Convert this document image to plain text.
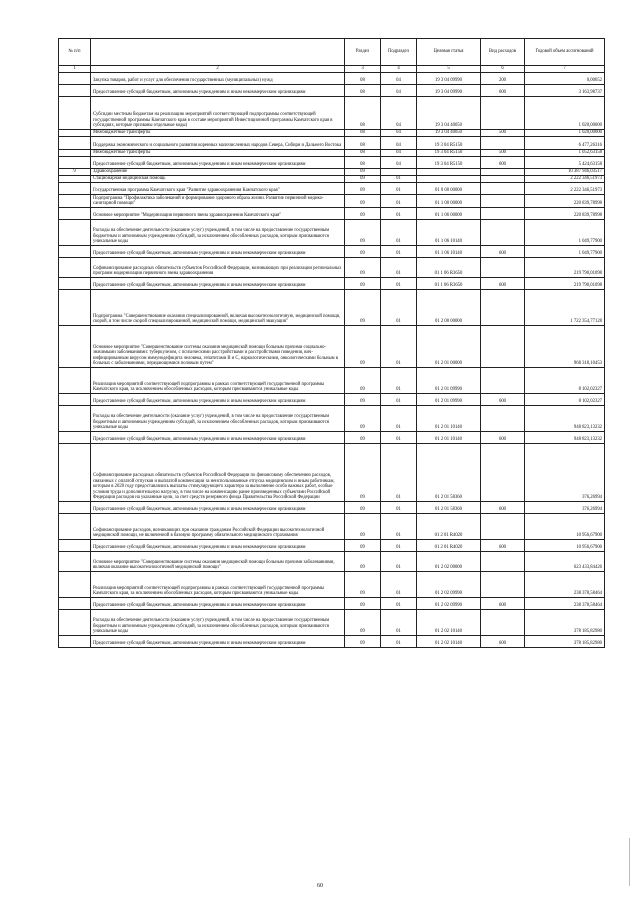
№ п/п		Раздел	Подраздел	Целевая статья	Вид расходов	Годовой объем ассигнований
1	2	3	4	5	6	7
	Закупка товаров, работ и услуг для обеспечения государственных (муниципальных) нужд	08	04	19 3 04 09990	200	0,00052
	Предоставление субсидий бюджетным, автономным учреждениям и иным некоммерческим организациям	08	04	19 3 04 09990	600	3 163,98737
	Субсидии местным бюджетам на реализацию мероприятий соответствующей подпрограммы соответствующей государственной программы Камчатского края в составе мероприятий Инвестиционной программы Камчатского края в субсидиях, которые призваны отдельные коды)	08	04	19 3 04 40050		1 020,00000
	Межбюджетные трансферты	08	04	19 3 04 40050	500	1 020,00000
	Поддержка экономического и социального развития коренных малочисленных народов Севера, Сибири и Дальнего Востока	08	04	19 3 04 R5150		6 477,26316
	Межбюджетные трансферты	08	04	19 3 04 R5150	500	1 052,63158
	Предоставление субсидий бюджетным, автономным учреждениям и иным некоммерческим организациям	08	04	19 3 04 R5150	600	5 424,63158
9	Здравоохранение	09				10 387 946,03517
	Стационарная медицинская помощь	09	01			2 222 346,51973
	Государственная программа Камчатского края "Развитие здравоохранения Камчатского края"	09	01	01 0 00 00000		2 222 346,51973
	Подпрограмма "Профилактика заболеваний и формирование здорового образа жизни. Развитие первичной медико-санитарной помощи"	09	01	01 1 00 00000		220 839,78998
	Основное мероприятие "Модернизация первичного звена здравоохранения Камчатского края"	09	01	01 1 06 00000		220 839,78998
	Расходы на обеспечение деятельности (оказание услуг) учреждений, в том числе на предоставление государственным бюджетным и автономным учреждениям субсидий, за исключением обособленных расходов, которым присваиваются уникальные коды	09	01	01 1 06 10140		1 049,77900
	Предоставление субсидий бюджетным, автономным учреждениям и иным некоммерческим организациям	09	01	01 1 06 10140	600	1 049,77900
	Софинансирование расходных обязательств субъектов Российской Федерации, возникающих при реализации региональных программ модернизации первичного звена здравоохранения	09	01	01 1 06 R3650		219 790,01098
	Предоставление субсидий бюджетным, автономным учреждениям и иным некоммерческим организациям	09	01	01 1 06 R3650	600	219 790,01098
	Подпрограмма "Совершенствование оказания специализированной, включая высокотехнологичную, медицинской помощи, скорой, в том числе скорой специализированной, медицинской помощи, медицинской эвакуации"	09	01	01 2 00 00000		1 722 354,77128
	Основное мероприятие "Совершенствование системы оказания медицинской помощи больным прочими социально-значимыми заболеваниями: туберкулезом, с психическими расстройствами и расстройствами поведения, вич-инфицированным вирусом иммунодефицита человека, гепатитами B и C, наркологическими, онкологическими больным в больных с заболеваниями, передающимися половым путем"	09	01	01 2 01 00000		968 318,10453
	Реализация мероприятий соответствующей подпрограммы в рамках соответствующей государственной программы Камчатского края, за исключением обособленных расходов, которым присваиваются уникальные коды	09	01	01 2 01 09990		8 102,02327
	Предоставление субсидий бюджетным, автономным учреждениям и иным некоммерческим организациям	09	01	01 2 01 09990	600	8 102,02327
	Расходы на обеспечение деятельности (оказание услуг) учреждений, в том числе на предоставление государственным бюджетным и автономным учреждениям субсидий, за исключением обособленных расходов, которым присваиваются уникальные коды	09	01	01 2 01 10140		948 823,13232
	Предоставление субсидий бюджетным, автономным учреждениям и иным некоммерческим организациям	09	01	01 2 01 10140	600	948 823,13232
	Софинансирование расходных обязательств субъектов Российской Федерации по финансовому обеспечению расходов, связанных с оплатой отпусков и выплатой компенсации за неиспользованные отпуска медицинским и иным работникам, которым в 2020 году предоставлялись выплаты стимулирующего характера за выполнение особо важных работ, особые условия труда и дополнительную нагрузку, в том числе на компенсацию ранее произведенных субъектами Российской Федерации расходов на указанные цели, за счет средств резервного фонда Правительства Российской Федерации	09	01	01 2 01 58360		376,26994
	Предоставление субсидий бюджетным, автономным учреждениям и иным некоммерческим организациям	09	01	01 2 01 58360	600	376,26994
	Софинансирование расходов, возникающих при оказании гражданам Российской Федерации высокотехнологичной медицинской помощи, не включенной в базовую программу обязательного медицинского страхования	09	01	01 2 01 R4020		10 956,67900
	Предоставление субсидий бюджетным, автономным учреждениям и иным некоммерческим организациям	09	01	01 2 01 R4020	600	10 956,67900
	Основное мероприятие "Совершенствование системы оказания медицинской помощи больным прочими заболеваниями, включая оказание высокотехнологичной медицинской помощи"	09	01	01 2 02 00000		623 433,84426
	Реализация мероприятий соответствующей подпрограммы в рамках соответствующей государственной программы Камчатского края, за исключением обособленных расходов, которым присваиваются уникальные коды	09	01	01 2 02 09990		238 378,58464
	Предоставление субсидий бюджетным, автономным учреждениям и иным некоммерческим организациям	09	01	01 2 02 09990	600	238 378,58464
	Расходы на обеспечение деятельности (оказание услуг) учреждений, в том числе на предоставление государственным бюджетным и автономным учреждениям субсидий, за исключением обособленных расходов, которым присваиваются уникальные коды	09	01	01 2 02 10140		378 185,82980
	Предоставление субсидий бюджетным, автономным учреждениям и иным некоммерческим организациям	09	01	01 2 02 10140	600	378 185,82980
60
